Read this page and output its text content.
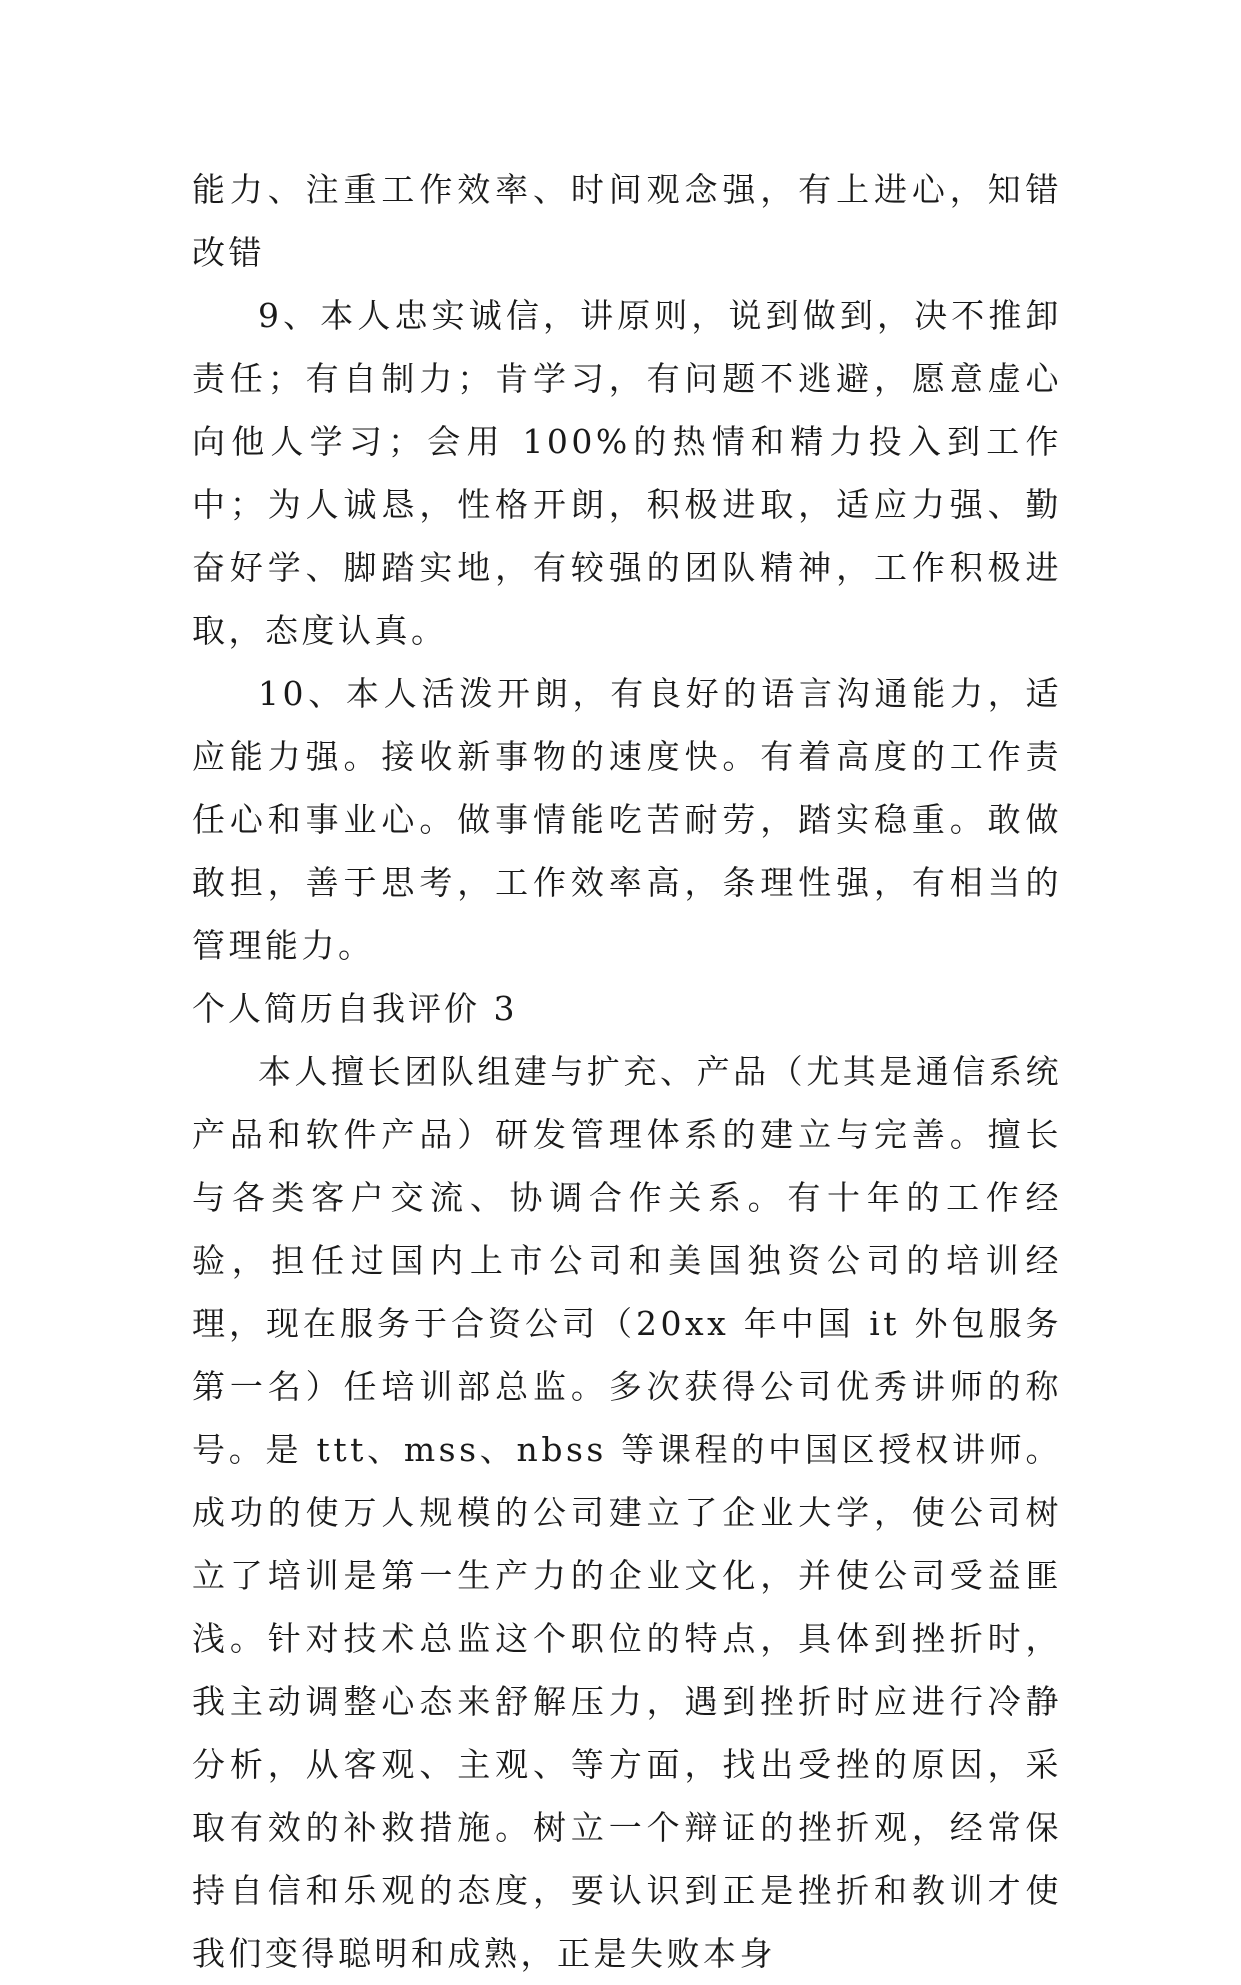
能力、注重工作效率、时间观念强，有上进心，知错改错

9、本人忠实诚信，讲原则，说到做到，决不推卸责任；有自制力；肯学习，有问题不逃避，愿意虚心向他人学习；会用 100%的热情和精力投入到工作中；为人诚恳，性格开朗，积极进取，适应力强、勤奋好学、脚踏实地，有较强的团队精神，工作积极进取，态度认真。

10、本人活泼开朗，有良好的语言沟通能力，适应能力强。接收新事物的速度快。有着高度的工作责任心和事业心。做事情能吃苦耐劳，踏实稳重。敢做敢担，善于思考，工作效率高，条理性强，有相当的管理能力。

个人简历自我评价 3

本人擅长团队组建与扩充、产品（尤其是通信系统产品和软件产品）研发管理体系的建立与完善。擅长与各类客户交流、协调合作关系。有十年的工作经验，担任过国内上市公司和美国独资公司的培训经理，现在服务于合资公司（20xx 年中国 it 外包服务第一名）任培训部总监。多次获得公司优秀讲师的称号。是 ttt、mss、nbss 等课程的中国区授权讲师。成功的使万人规模的公司建立了企业大学，使公司树立了培训是第一生产力的企业文化，并使公司受益匪浅。针对技术总监这个职位的特点，具体到挫折时，我主动调整心态来舒解压力，遇到挫折时应进行冷静分析，从客观、主观、等方面，找出受挫的原因，采取有效的补救措施。树立一个辩证的挫折观，经常保持自信和乐观的态度，要认识到正是挫折和教训才使我们变得聪明和成熟，正是失败本身
